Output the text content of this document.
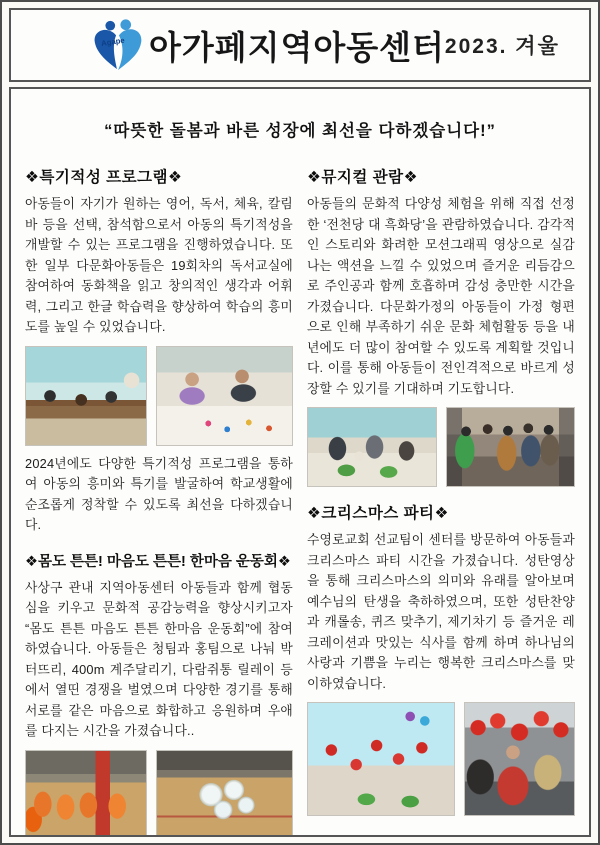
Agape 아가페지역아동센터 2023. 겨울
“따뜻한 돌봄과 바른 성장에 최선을 다하겠습니다!”
❖특기적성 프로그램❖
아동들이 자기가 원하는 영어, 독서, 체육, 칼림바 등을 선택, 참석함으로서 아동의 특기적성을 개발할 수 있는 프로그램을 진행하였습니다. 또한 일부 다문화아동들은 19회차의 독서교실에 참여하여 동화책을 읽고 창의적인 생각과 어휘력, 그리고 한글 학습력을 향상하여 학습의 흥미도를 높일 수 있었습니다.
2024년에도 다양한 특기적성 프로그램을 통하여 아동의 흥미와 특기를 발굴하여 학교생활에 순조롭게 정착할 수 있도록 최선을 다하겠습니다.
❖몸도 튼튼! 마음도 튼튼! 한마음 운동회❖
사상구 관내 지역아동센터 아동들과 함께 협동심을 키우고 문화적 공감능력을 향상시키고자 “몸도 튼튼 마음도 튼튼 한마음 운동회”에 참여하였습니다. 아동들은 청팀과 홍팀으로 나눠 박터뜨리, 400m 계주달리기, 다람쥐통 릴레이 등에서 열띤 경쟁을 벌였으며 다양한 경기를 통해 서로를 같은 마음으로 화합하고 응원하며 우애를 다지는 시간을 가졌습니다..
❖뮤지컬 관람❖
아동들의 문화적 다양성 체험을 위해 직접 선정한 ‘전천당 대 흑화당’을 관람하였습니다. 감각적인 스토리와 화려한 모션그래픽 영상으로 실감나는 액션을 느낄 수 있었으며 즐거운 리듬감으로 주인공과 함께 호흡하며 감성 충만한 시간을 가졌습니다. 다문화가정의 아동들이 가정 형편으로 인해 부족하기 쉬운 문화 체험활동 등을 내년에도 더 많이 참여할 수 있도록 계획할 것입니다. 이를 통해 아동들이 전인격적으로 바르게 성장할 수 있기를 기대하며 기도합니다.
❖크리스마스 파티❖
수영로교회 선교팀이 센터를 방문하여 아동들과 크리스마스 파티 시간을 가졌습니다. 성탄영상을 통해 크리스마스의 의미와 유래를 알아보며 예수님의 탄생을 축하하였으며, 또한 성탄찬양과 캐롤송, 퀴즈 맞추기, 제기차기 등 즐거운 레크레이션과 맛있는 식사를 함께 하며 하나님의 사랑과 기쁨을 누리는 행복한 크리스마스를 맞이하였습니다.
